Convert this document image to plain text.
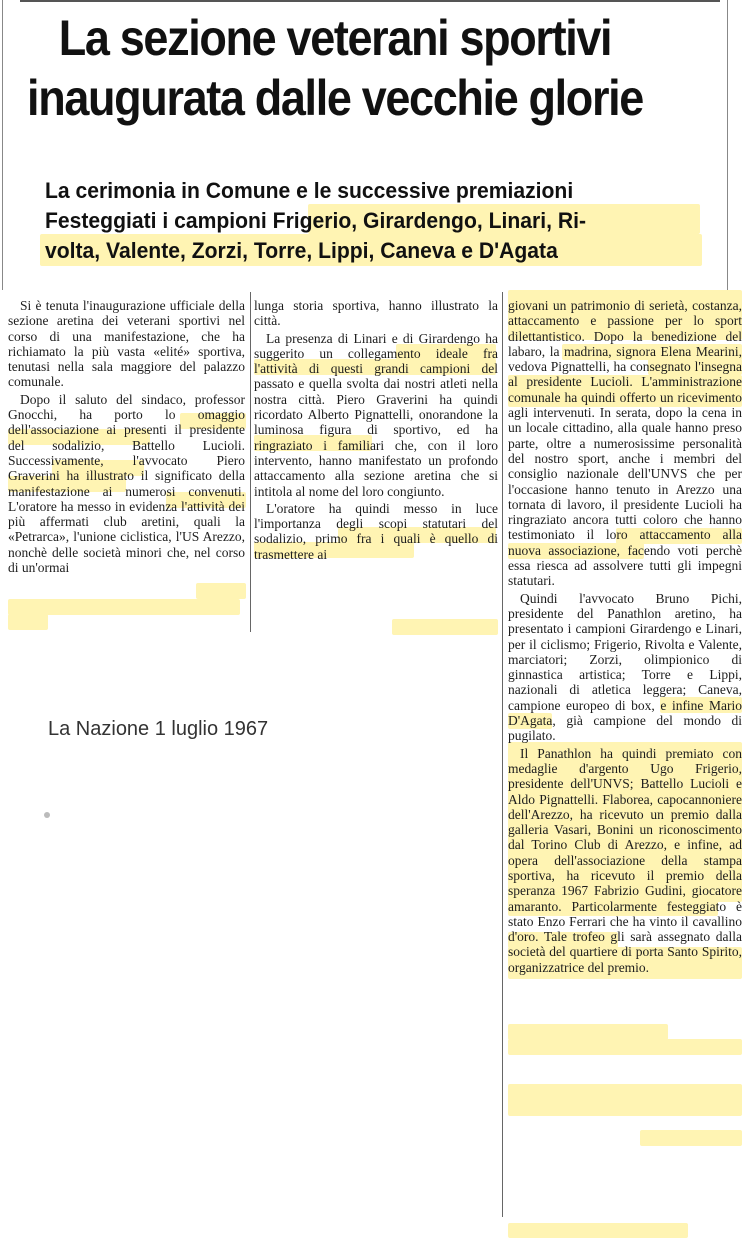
La sezione veterani sportivi
inaugurata dalle vecchie glorie
La cerimonia in Comune e le successive premiazioni
Festeggiati i campioni Frigerio, Girardengo, Linari, Ri-
volta, Valente, Zorzi, Torre, Lippi, Caneva e D'Agata

Si è tenuta l'inaugurazione ufficiale della sezione aretina dei veterani sportivi nel corso di una manifestazione, che ha richiamato la più vasta «elité» sportiva, tenutasi nella sala maggiore del palazzo comunale.

Dopo il saluto del sindaco, professor Gnocchi, ha porto lo omaggio dell'associazione ai presenti il presidente del sodalizio, Battello Lucioli. Successivamente, l'avvocato Piero Graverini ha illustrato il significato della manifestazione ai numerosi convenuti. L'oratore ha messo in evidenza l'attività dei più affermati club aretini, quali la «Petrarca», l'unione ciclistica, l'US Arezzo, nonchè delle società minori che, nel corso di un'ormai

lunga storia sportiva, hanno illustrato la città.

La presenza di Linari e di Girardengo ha suggerito un collegamento ideale fra l'attività di questi grandi campioni del passato e quella svolta dai nostri atleti nella nostra città. Piero Graverini ha quindi ricordato Alberto Pignattelli, onorandone la luminosa figura di sportivo, ed ha ringraziato i familiari che, con il loro intervento, hanno manifestato un profondo attaccamento alla sezione aretina che si intitola al nome del loro congiunto.

L'oratore ha quindi messo in luce l'importanza degli scopi statutari del sodalizio, primo fra i quali è quello di trasmettere ai

giovani un patrimonio di serietà, costanza, attaccamento e passione per lo sport dilettantistico. Dopo la benedizione del labaro, la madrina, signora Elena Mearini, vedova Pignattelli, ha consegnato l'insegna al presidente Lucioli. L'amministrazione comunale ha quindi offerto un ricevimento agli intervenuti. In serata, dopo la cena in un locale cittadino, alla quale hanno preso parte, oltre a numerosissime personalità del nostro sport, anche i membri del consiglio nazionale dell'UNVS che per l'occasione hanno tenuto in Arezzo una tornata di lavoro, il presidente Lucioli ha ringraziato ancora tutti coloro che hanno testimoniato il loro attaccamento alla nuova associazione, facendo voti perchè essa riesca ad assolvere tutti gli impegni statutari.

Quindi l'avvocato Bruno Pichi, presidente del Panathlon aretino, ha presentato i campioni Girardengo e Linari, per il ciclismo; Frigerio, Rivolta e Valente, marciatori; Zorzi, olimpionico di ginnastica artistica; Torre e Lippi, nazionali di atletica leggera; Caneva, campione europeo di box, e infine Mario D'Agata, già campione del mondo di pugilato.

Il Panathlon ha quindi premiato con medaglie d'argento Ugo Frigerio, presidente dell'UNVS; Battello Lucioli e Aldo Pignattelli. Flaborea, capocannoniere dell'Arezzo, ha ricevuto un premio dalla galleria Vasari, Bonini un riconoscimento dal Torino Club di Arezzo, e infine, ad opera dell'associazione della stampa sportiva, ha ricevuto il premio della speranza 1967 Fabrizio Gudini, giocatore amaranto. Particolarmente festeggiato è stato Enzo Ferrari che ha vinto il cavallino d'oro. Tale trofeo gli sarà assegnato dalla società del quartiere di porta Santo Spirito, organizzatrice del premio.

La Nazione 1 luglio 1967
